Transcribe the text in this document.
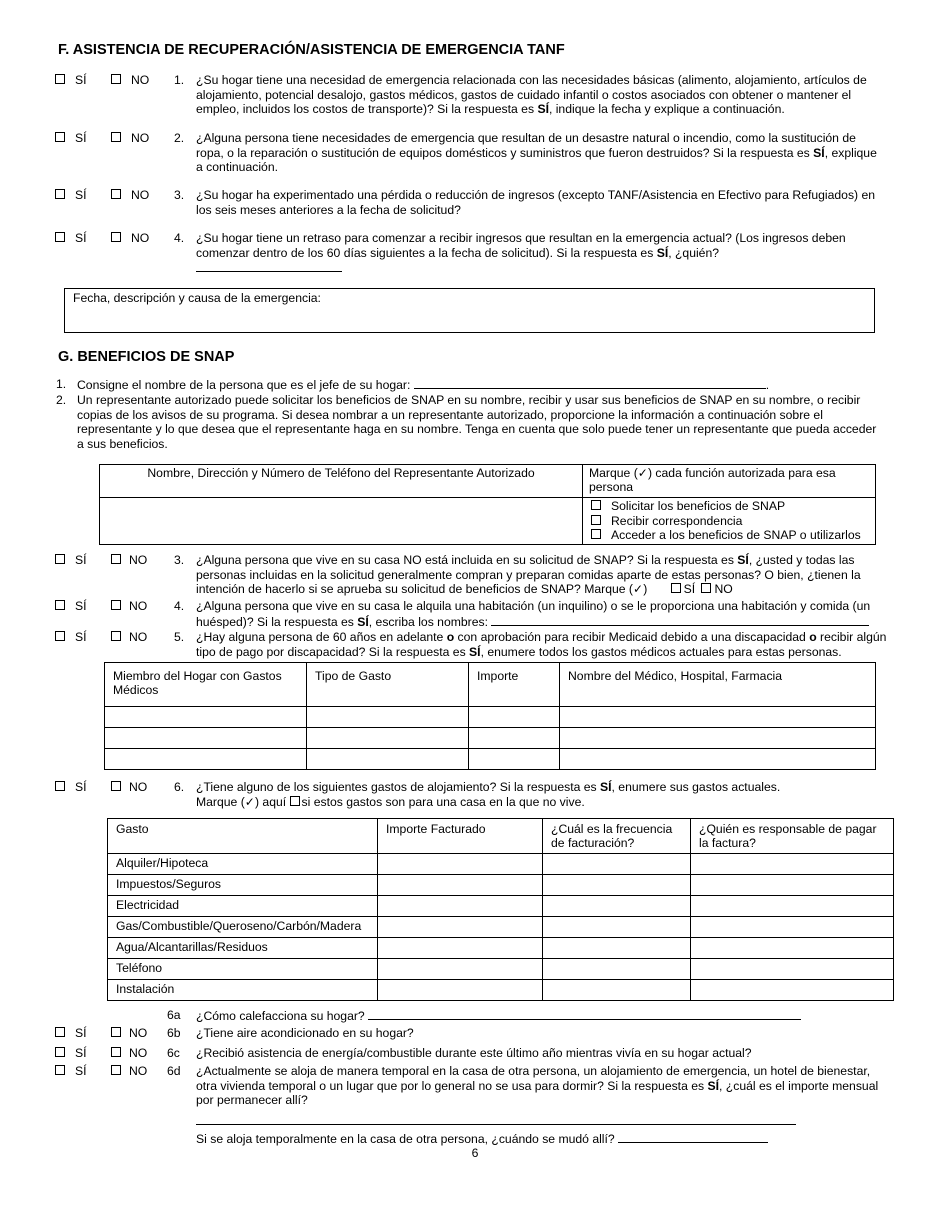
F. ASISTENCIA DE RECUPERACIÓN/ASISTENCIA DE EMERGENCIA TANF
SÍ	NO 1. ¿Su hogar tiene una necesidad de emergencia relacionada con las necesidades básicas (alimento, alojamiento, artículos de alojamiento, potencial desalojo, gastos médicos, gastos de cuidado infantil o costos asociados con obtener o mantener el empleo, incluidos los costos de transporte)? Si la respuesta es SÍ, indique la fecha y explique a continuación.
SÍ	NO 2. ¿Alguna persona tiene necesidades de emergencia que resultan de un desastre natural o incendio, como la sustitución de ropa, o la reparación o sustitución de equipos domésticos y suministros que fueron destruidos? Si la respuesta es SÍ, explique a continuación.
SÍ	NO 3. ¿Su hogar ha experimentado una pérdida o reducción de ingresos (excepto TANF/Asistencia en Efectivo para Refugiados) en los seis meses anteriores a la fecha de solicitud?
SÍ	NO 4. ¿Su hogar tiene un retraso para comenzar a recibir ingresos que resultan en la emergencia actual? (Los ingresos deben comenzar dentro de los 60 días siguientes a la fecha de solicitud). Si la respuesta es SÍ, ¿quién?

Fecha, descripción y causa de la emergencia:
G. BENEFICIOS DE SNAP
1. Consigne el nombre de la persona que es el jefe de su hogar:	.
2. Un representante autorizado puede solicitar los beneficios de SNAP en su nombre, recibir y usar sus beneficios de SNAP en su nombre, o recibir copias de los avisos de su programa. Si desea nombrar a un representante autorizado, proporcione la información a continuación sobre el representante y lo que desea que el representante haga en su nombre. Tenga en cuenta que solo puede tener un representante que pueda acceder a sus beneficios.
Nombre, Dirección y Número de Teléfono del Representante Autorizado	Marque (✓) cada función autorizada para esa persona

	Solicitar los beneficios de SNAP
Recibir correspondencia
Acceder a los beneficios de SNAP o utilizarlos
SÍ	NO 3. ¿Alguna persona que vive en su casa NO está incluida en su solicitud de SNAP? Si la respuesta es SÍ, ¿usted y todas las personas incluidas en la solicitud generalmente compran y preparan comidas aparte de estas personas? O bien, ¿tienen la intención de hacerlo si se aprueba su solicitud de beneficios de SNAP? Marque (✓)	SÍ NO
SÍ	NO 4. ¿Alguna persona que vive en su casa le alquila una habitación (un inquilino) o se le proporciona una habitación y comida (un huésped)? Si la respuesta es SÍ, escriba los nombres:
SÍ	NO 5. ¿Hay alguna persona de 60 años en adelante o con aprobación para recibir Medicaid debido a una discapacidad o recibir algún tipo de pago por discapacidad? Si la respuesta es SÍ, enumere todos los gastos médicos actuales para estas personas.
Miembro del Hogar con Gastos Médicos	Tipo de Gasto	Importe	Nombre del Médico, Hospital, Farmacia

SÍ	NO 6. ¿Tiene alguno de los siguientes gastos de alojamiento? Si la respuesta es SÍ, enumere sus gastos actuales.
Marque (✓) aquí si estos gastos son para una casa en la que no vive.
Gasto	Importe Facturado	¿Cuál es la frecuencia de facturación?	¿Quién es responsable de pagar la factura?
Alquiler/Hipoteca			
Impuestos/Seguros			
Electricidad			
Gas/Combustible/Queroseno/Carbón/Madera			
Agua/Alcantarillas/Residuos			
Teléfono			
Instalación			
6a ¿Cómo calefacciona su hogar?
SÍ	NO 6b ¿Tiene aire acondicionado en su hogar?
SÍ	NO 6c ¿Recibió asistencia de energía/combustible durante este último año mientras vivía en su hogar actual?
SÍ	NO 6d ¿Actualmente se aloja de manera temporal en la casa de otra persona, un alojamiento de emergencia, un hotel de bienestar, otra vivienda temporal o un lugar que por lo general no se usa para dormir? Si la respuesta es SÍ, ¿cuál es el importe mensual por permanecer allí?
Si se aloja temporalmente en la casa de otra persona, ¿cuándo se mudó allí?
6
